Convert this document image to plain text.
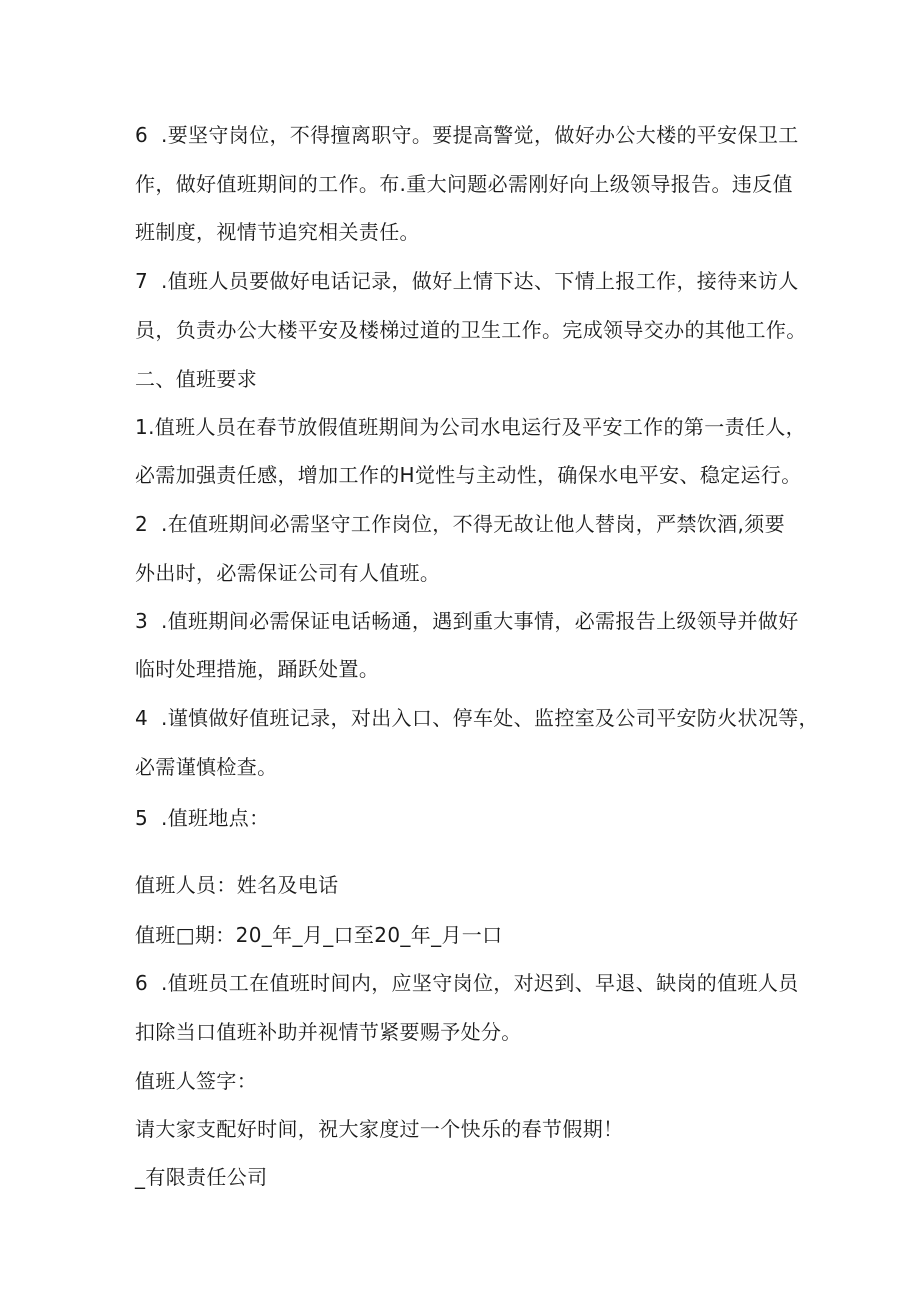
6 .要坚守岗位，不得擅离职守。要提高警觉，做好办公大楼的平安保卫工
作，做好值班期间的工作。布.重大问题必需刚好向上级领导报告。违反值
班制度，视情节追究相关责任。
7 .值班人员要做好电话记录，做好上情下达、下情上报工作，接待来访人
员，负责办公大楼平安及楼梯过道的卫生工作。完成领导交办的其他工作。
二、值班要求
1.值班人员在春节放假值班期间为公司水电运行及平安工作的第一责任人，
必需加强责任感，增加工作的H觉性与主动性，确保水电平安、稳定运行。
2 .在值班期间必需坚守工作岗位，不得无故让他人替岗，严禁饮酒,须要
外出时，必需保证公司有人值班。
3 .值班期间必需保证电话畅通，遇到重大事情，必需报告上级领导并做好
临时处理措施，踊跃处置。
4 .谨慎做好值班记录，对出入口、停车处、监控室及公司平安防火状况等，
必需谨慎检查。
5 .值班地点：
值班人员：姓名及电话
值班□期：20_年_月_口至20_年_月一口
6 .值班员工在值班时间内，应坚守岗位，对迟到、早退、缺岗的值班人员
扣除当口值班补助并视情节紧要赐予处分。
值班人签字：
请大家支配好时间，祝大家度过一个快乐的春节假期！
_有限责任公司
